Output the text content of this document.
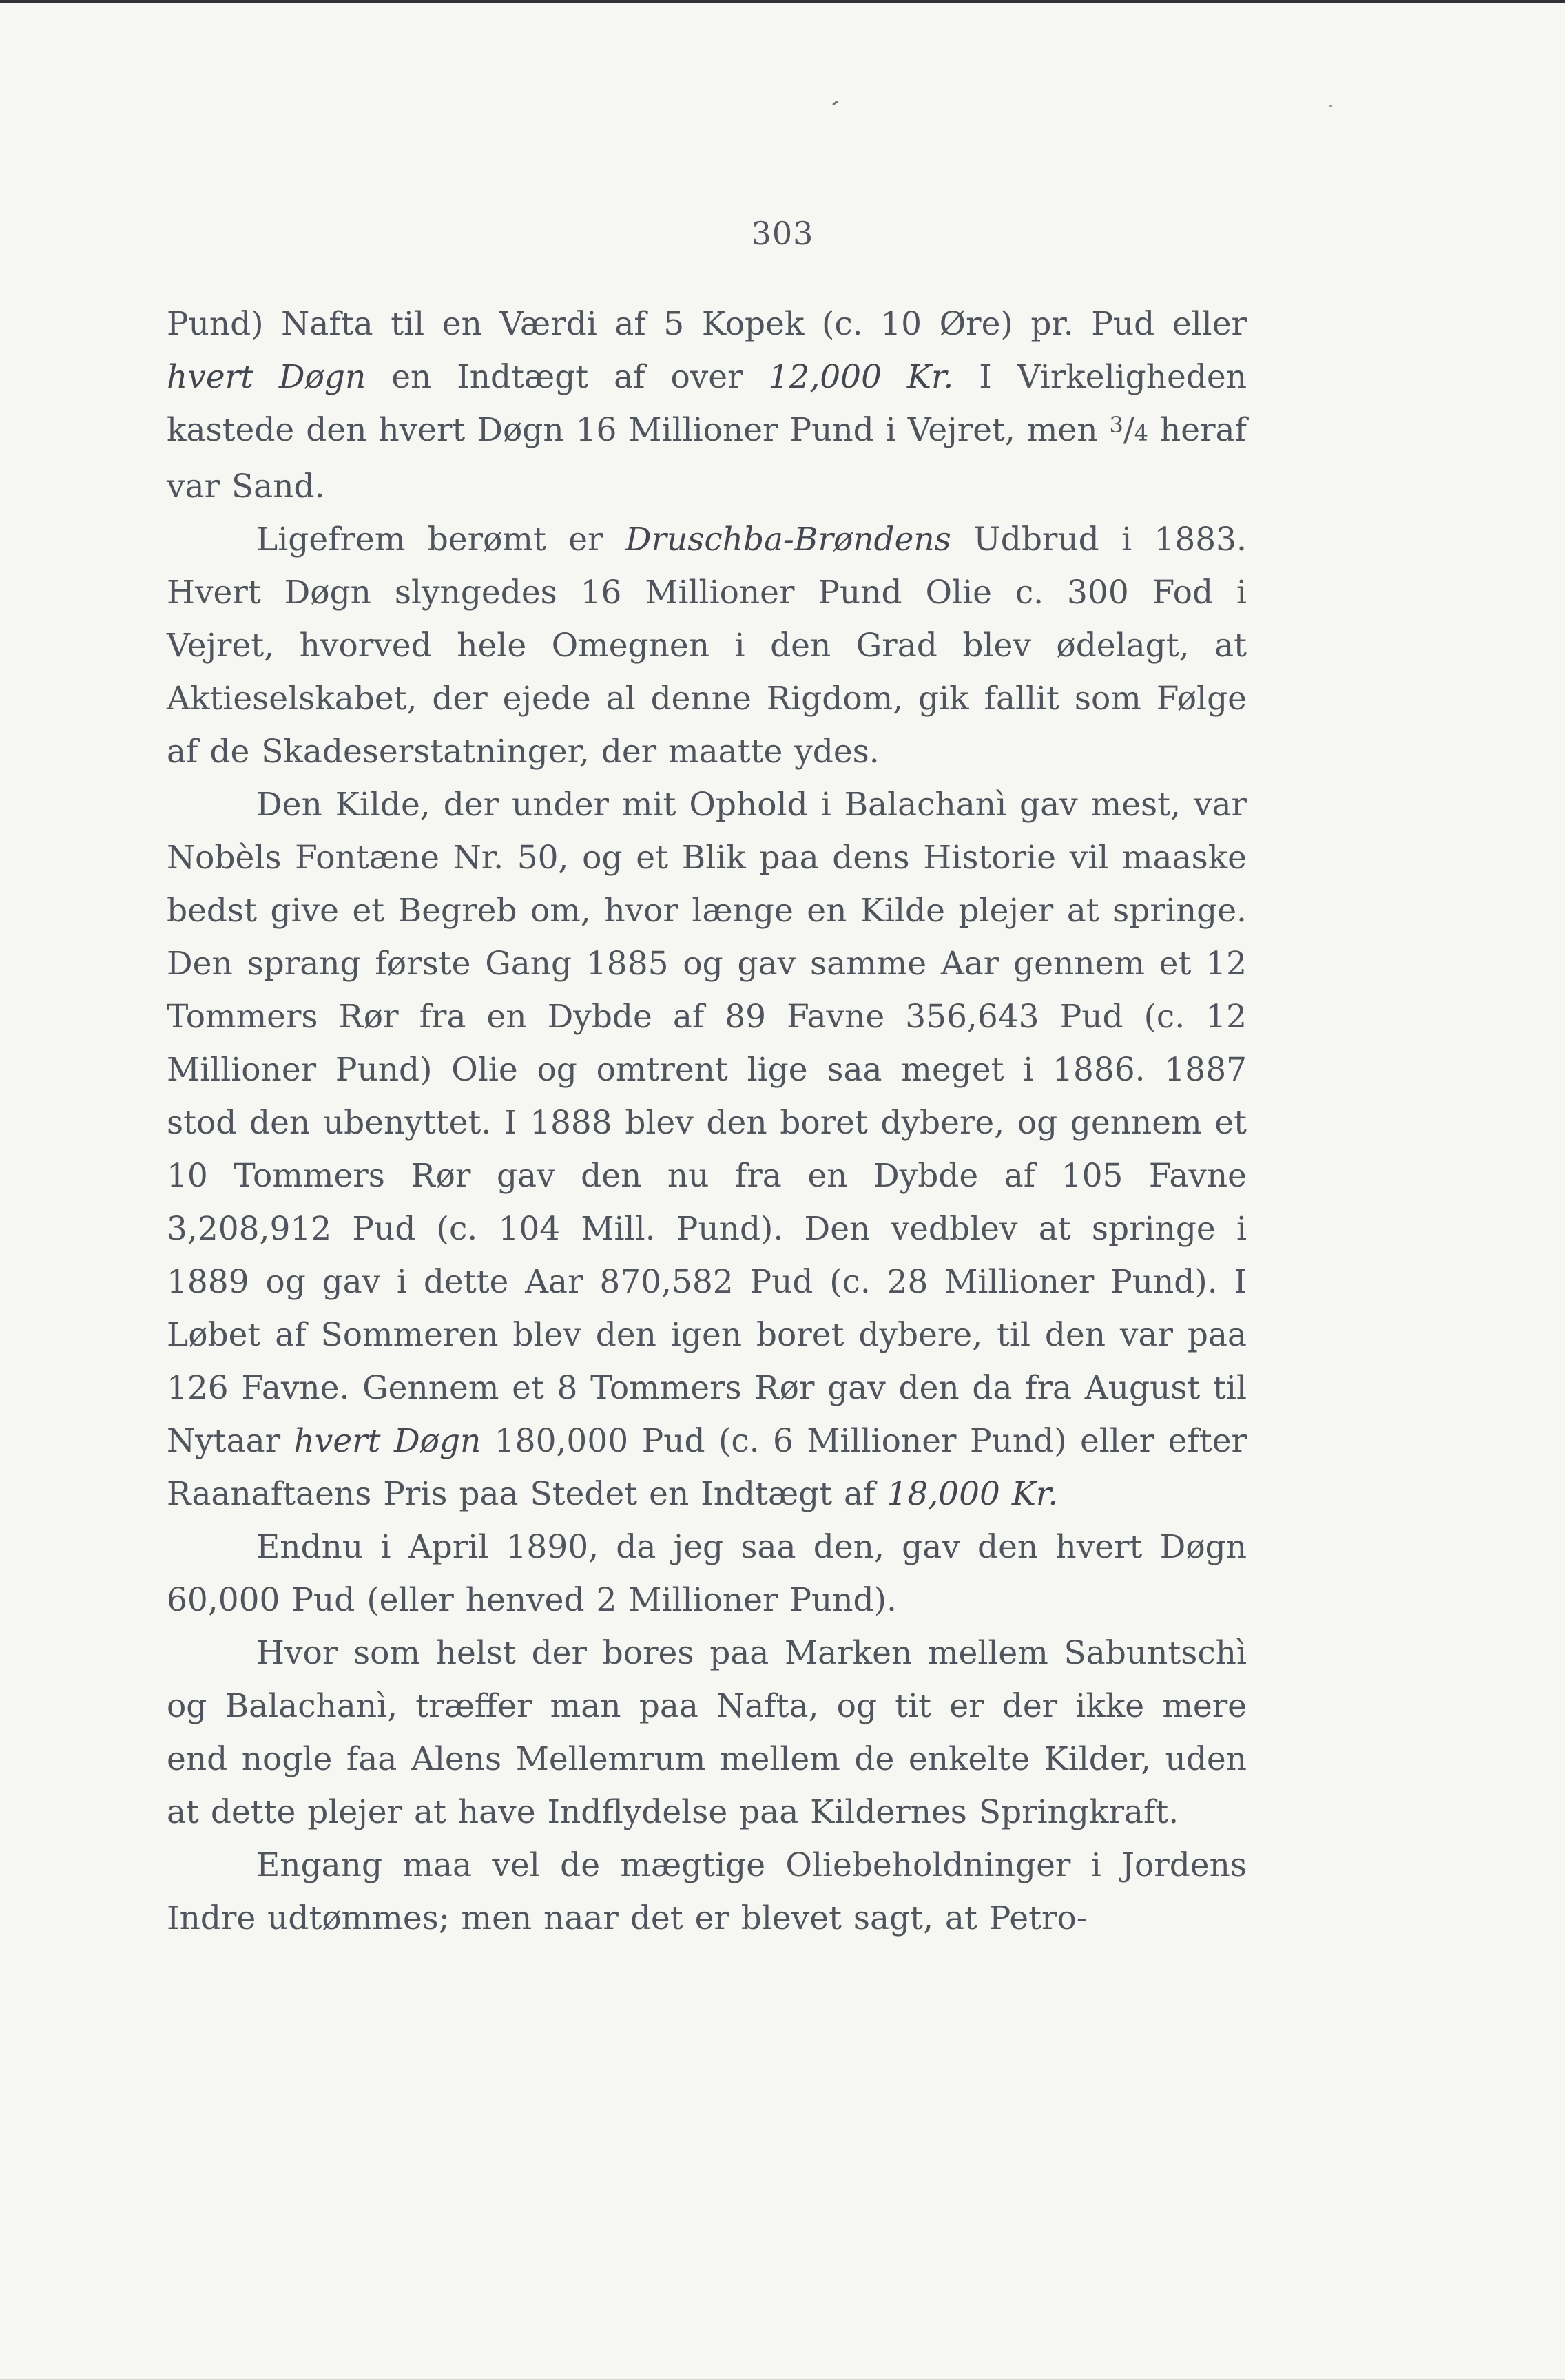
303

Pund) Nafta til en Værdi af 5 Kopek (c. 10 Øre) pr. Pud eller hvert Døgn en Indtægt af over 12,000 Kr. I Virkeligheden kastede den hvert Døgn 16 Millioner Pund i Vejret, men $^3$/4 heraf var Sand.

Ligefrem berømt er Druschba-Brøndens Udbrud i 1883. Hvert Døgn slyngedes 16 Millioner Pund Olie c. 300 Fod i Vejret, hvorved hele Omegnen i den Grad blev ødelagt, at Aktieselskabet, der ejede al denne Rigdom, gik fallit som Følge af de Skadeserstatninger, der maatte ydes.

Den Kilde, der under mit Ophold i Balachanì gav mest, var Nobèls Fontæne Nr. 50, og et Blik paa dens Historie vil maaske bedst give et Begreb om, hvor længe en Kilde plejer at springe. Den sprang første Gang 1885 og gav samme Aar gennem et 12 Tommers Rør fra en Dybde af 89 Favne 356,643 Pud (c. 12 Millioner Pund) Olie og omtrent lige saa meget i 1886. 1887 stod den ubenyttet. I 1888 blev den boret dybere, og gennem et 10 Tommers Rør gav den nu fra en Dybde af 105 Favne 3,208,912 Pud (c. 104 Mill. Pund). Den vedblev at springe i 1889 og gav i dette Aar 870,582 Pud (c. 28 Millioner Pund). I Løbet af Sommeren blev den igen boret dybere, til den var paa 126 Favne. Gennem et 8 Tommers Rør gav den da fra August til Nytaar hvert Døgn 180,000 Pud (c. 6 Millioner Pund) eller efter Raanaftaens Pris paa Stedet en Indtægt af 18,000 Kr.

Endnu i April 1890, da jeg saa den, gav den hvert Døgn 60,000 Pud (eller henved 2 Millioner Pund).

Hvor som helst der bores paa Marken mellem Sabuntschì og Balachanì, træffer man paa Nafta, og tit er der ikke mere end nogle faa Alens Mellemrum mellem de enkelte Kilder, uden at dette plejer at have Indflydelse paa Kildernes Springkraft.

Engang maa vel de mægtige Oliebeholdninger i Jordens Indre udtømmes; men naar det er blevet sagt, at Petro-
